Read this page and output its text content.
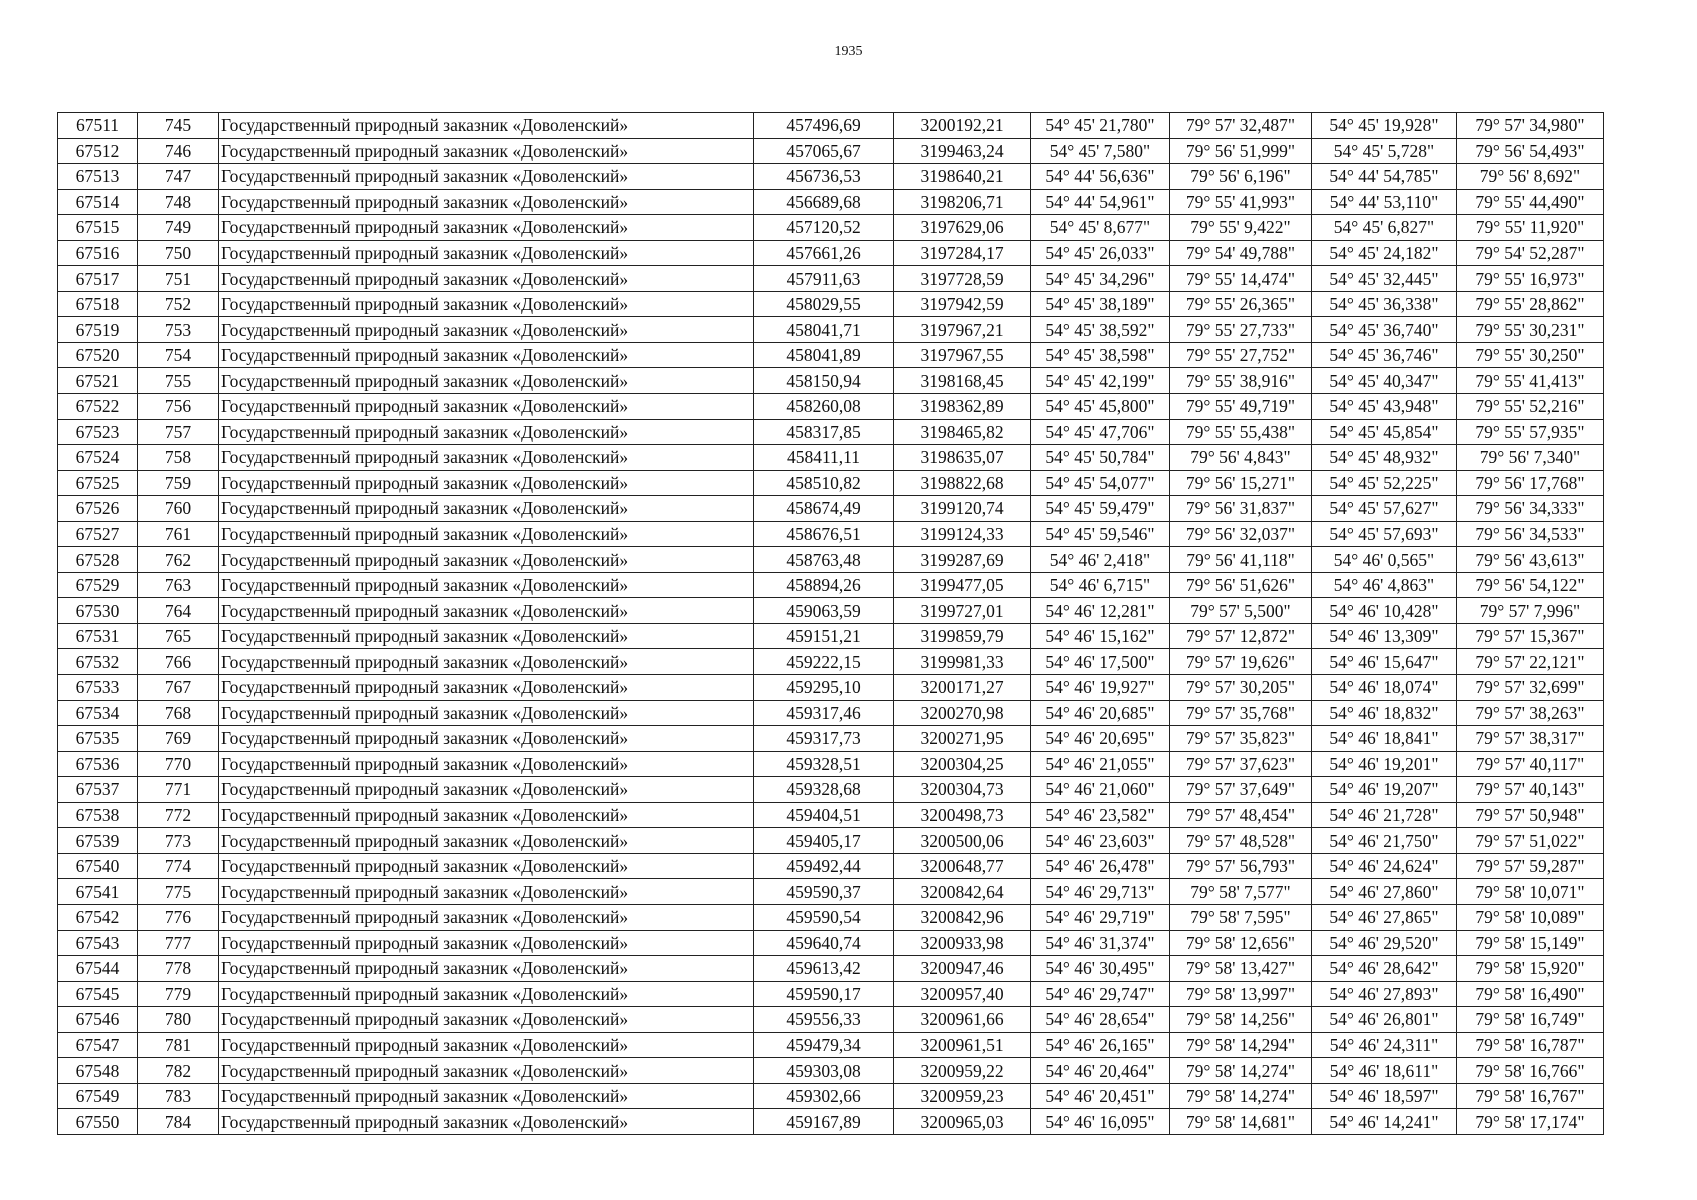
1935
67511	745	Государственный природный заказник «Доволенский»	457496,69	3200192,21	54° 45' 21,780"	79° 57' 32,487"	54° 45' 19,928"	79° 57' 34,980"
67512	746	Государственный природный заказник «Доволенский»	457065,67	3199463,24	54° 45' 7,580"	79° 56' 51,999"	54° 45' 5,728"	79° 56' 54,493"
67513	747	Государственный природный заказник «Доволенский»	456736,53	3198640,21	54° 44' 56,636"	79° 56' 6,196"	54° 44' 54,785"	79° 56' 8,692"
67514	748	Государственный природный заказник «Доволенский»	456689,68	3198206,71	54° 44' 54,961"	79° 55' 41,993"	54° 44' 53,110"	79° 55' 44,490"
67515	749	Государственный природный заказник «Доволенский»	457120,52	3197629,06	54° 45' 8,677"	79° 55' 9,422"	54° 45' 6,827"	79° 55' 11,920"
67516	750	Государственный природный заказник «Доволенский»	457661,26	3197284,17	54° 45' 26,033"	79° 54' 49,788"	54° 45' 24,182"	79° 54' 52,287"
67517	751	Государственный природный заказник «Доволенский»	457911,63	3197728,59	54° 45' 34,296"	79° 55' 14,474"	54° 45' 32,445"	79° 55' 16,973"
67518	752	Государственный природный заказник «Доволенский»	458029,55	3197942,59	54° 45' 38,189"	79° 55' 26,365"	54° 45' 36,338"	79° 55' 28,862"
67519	753	Государственный природный заказник «Доволенский»	458041,71	3197967,21	54° 45' 38,592"	79° 55' 27,733"	54° 45' 36,740"	79° 55' 30,231"
67520	754	Государственный природный заказник «Доволенский»	458041,89	3197967,55	54° 45' 38,598"	79° 55' 27,752"	54° 45' 36,746"	79° 55' 30,250"
67521	755	Государственный природный заказник «Доволенский»	458150,94	3198168,45	54° 45' 42,199"	79° 55' 38,916"	54° 45' 40,347"	79° 55' 41,413"
67522	756	Государственный природный заказник «Доволенский»	458260,08	3198362,89	54° 45' 45,800"	79° 55' 49,719"	54° 45' 43,948"	79° 55' 52,216"
67523	757	Государственный природный заказник «Доволенский»	458317,85	3198465,82	54° 45' 47,706"	79° 55' 55,438"	54° 45' 45,854"	79° 55' 57,935"
67524	758	Государственный природный заказник «Доволенский»	458411,11	3198635,07	54° 45' 50,784"	79° 56' 4,843"	54° 45' 48,932"	79° 56' 7,340"
67525	759	Государственный природный заказник «Доволенский»	458510,82	3198822,68	54° 45' 54,077"	79° 56' 15,271"	54° 45' 52,225"	79° 56' 17,768"
67526	760	Государственный природный заказник «Доволенский»	458674,49	3199120,74	54° 45' 59,479"	79° 56' 31,837"	54° 45' 57,627"	79° 56' 34,333"
67527	761	Государственный природный заказник «Доволенский»	458676,51	3199124,33	54° 45' 59,546"	79° 56' 32,037"	54° 45' 57,693"	79° 56' 34,533"
67528	762	Государственный природный заказник «Доволенский»	458763,48	3199287,69	54° 46' 2,418"	79° 56' 41,118"	54° 46' 0,565"	79° 56' 43,613"
67529	763	Государственный природный заказник «Доволенский»	458894,26	3199477,05	54° 46' 6,715"	79° 56' 51,626"	54° 46' 4,863"	79° 56' 54,122"
67530	764	Государственный природный заказник «Доволенский»	459063,59	3199727,01	54° 46' 12,281"	79° 57' 5,500"	54° 46' 10,428"	79° 57' 7,996"
67531	765	Государственный природный заказник «Доволенский»	459151,21	3199859,79	54° 46' 15,162"	79° 57' 12,872"	54° 46' 13,309"	79° 57' 15,367"
67532	766	Государственный природный заказник «Доволенский»	459222,15	3199981,33	54° 46' 17,500"	79° 57' 19,626"	54° 46' 15,647"	79° 57' 22,121"
67533	767	Государственный природный заказник «Доволенский»	459295,10	3200171,27	54° 46' 19,927"	79° 57' 30,205"	54° 46' 18,074"	79° 57' 32,699"
67534	768	Государственный природный заказник «Доволенский»	459317,46	3200270,98	54° 46' 20,685"	79° 57' 35,768"	54° 46' 18,832"	79° 57' 38,263"
67535	769	Государственный природный заказник «Доволенский»	459317,73	3200271,95	54° 46' 20,695"	79° 57' 35,823"	54° 46' 18,841"	79° 57' 38,317"
67536	770	Государственный природный заказник «Доволенский»	459328,51	3200304,25	54° 46' 21,055"	79° 57' 37,623"	54° 46' 19,201"	79° 57' 40,117"
67537	771	Государственный природный заказник «Доволенский»	459328,68	3200304,73	54° 46' 21,060"	79° 57' 37,649"	54° 46' 19,207"	79° 57' 40,143"
67538	772	Государственный природный заказник «Доволенский»	459404,51	3200498,73	54° 46' 23,582"	79° 57' 48,454"	54° 46' 21,728"	79° 57' 50,948"
67539	773	Государственный природный заказник «Доволенский»	459405,17	3200500,06	54° 46' 23,603"	79° 57' 48,528"	54° 46' 21,750"	79° 57' 51,022"
67540	774	Государственный природный заказник «Доволенский»	459492,44	3200648,77	54° 46' 26,478"	79° 57' 56,793"	54° 46' 24,624"	79° 57' 59,287"
67541	775	Государственный природный заказник «Доволенский»	459590,37	3200842,64	54° 46' 29,713"	79° 58' 7,577"	54° 46' 27,860"	79° 58' 10,071"
67542	776	Государственный природный заказник «Доволенский»	459590,54	3200842,96	54° 46' 29,719"	79° 58' 7,595"	54° 46' 27,865"	79° 58' 10,089"
67543	777	Государственный природный заказник «Доволенский»	459640,74	3200933,98	54° 46' 31,374"	79° 58' 12,656"	54° 46' 29,520"	79° 58' 15,149"
67544	778	Государственный природный заказник «Доволенский»	459613,42	3200947,46	54° 46' 30,495"	79° 58' 13,427"	54° 46' 28,642"	79° 58' 15,920"
67545	779	Государственный природный заказник «Доволенский»	459590,17	3200957,40	54° 46' 29,747"	79° 58' 13,997"	54° 46' 27,893"	79° 58' 16,490"
67546	780	Государственный природный заказник «Доволенский»	459556,33	3200961,66	54° 46' 28,654"	79° 58' 14,256"	54° 46' 26,801"	79° 58' 16,749"
67547	781	Государственный природный заказник «Доволенский»	459479,34	3200961,51	54° 46' 26,165"	79° 58' 14,294"	54° 46' 24,311"	79° 58' 16,787"
67548	782	Государственный природный заказник «Доволенский»	459303,08	3200959,22	54° 46' 20,464"	79° 58' 14,274"	54° 46' 18,611"	79° 58' 16,766"
67549	783	Государственный природный заказник «Доволенский»	459302,66	3200959,23	54° 46' 20,451"	79° 58' 14,274"	54° 46' 18,597"	79° 58' 16,767"
67550	784	Государственный природный заказник «Доволенский»	459167,89	3200965,03	54° 46' 16,095"	79° 58' 14,681"	54° 46' 14,241"	79° 58' 17,174"
